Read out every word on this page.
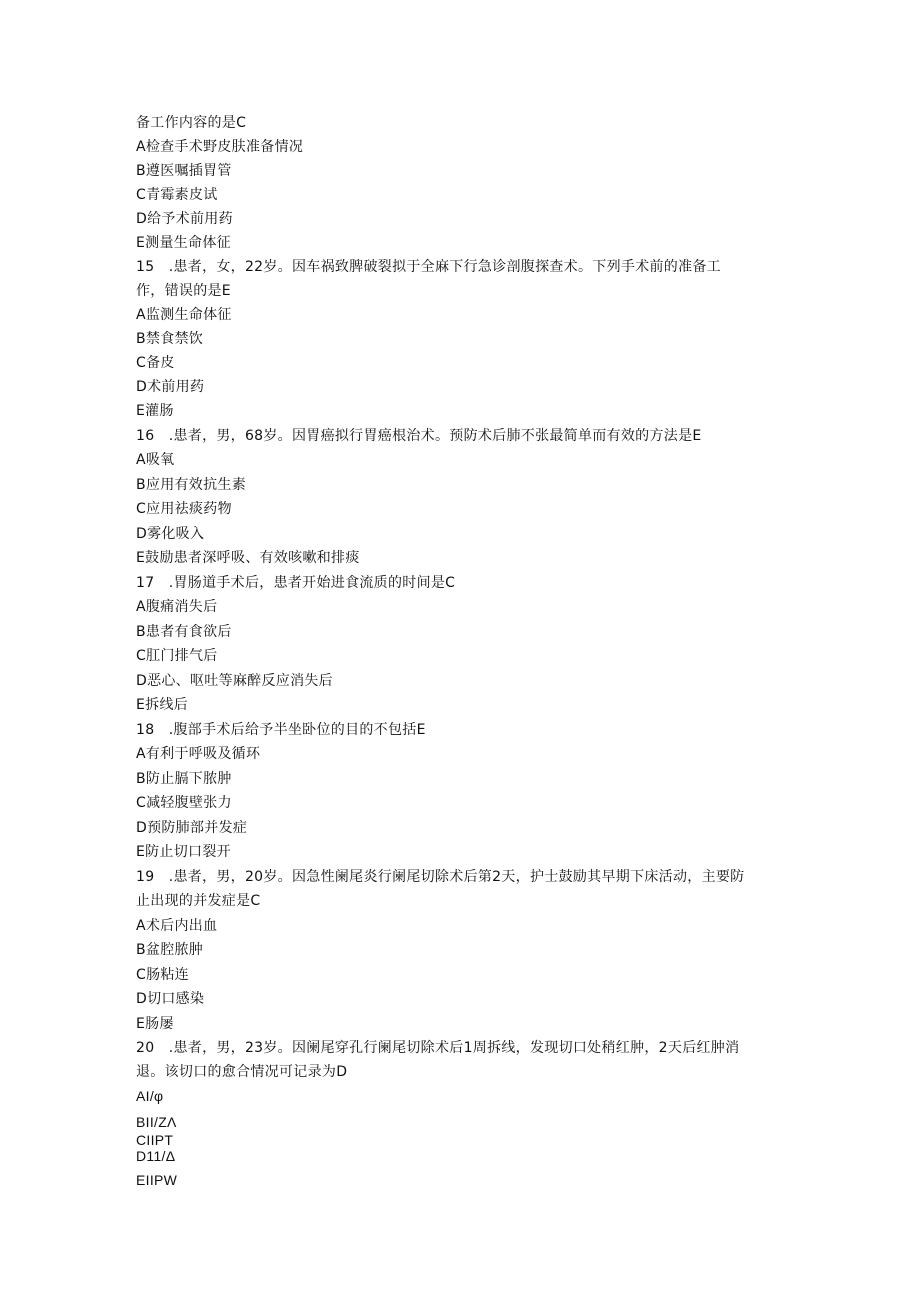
备工作内容的是C
A检查手术野皮肤准备情况
B遵医嘱插胃管
C青霉素皮试
D给予术前用药
E测量生命体征
15　.患者，女，22岁。因车祸致脾破裂拟于全麻下行急诊剖腹探查术。下列手术前的准备工
作，错误的是E
A监测生命体征
B禁食禁饮
C备皮
D术前用药
E灌肠
16　.患者，男，68岁。因胃癌拟行胃癌根治术。预防术后肺不张最简单而有效的方法是E
A吸氧
B应用有效抗生素
C应用祛痰药物
D雾化吸入
E鼓励患者深呼吸、有效咳嗽和排痰
17　.胃肠道手术后，患者开始进食流质的时间是C
A腹痛消失后
B患者有食欲后
C肛门排气后
D恶心、呕吐等麻醉反应消失后
E拆线后
18　.腹部手术后给予半坐卧位的目的不包括E
A有利于呼吸及循环
B防止膈下脓肿
C减轻腹壁张力
D预防肺部并发症
E防止切口裂开
19　.患者，男，20岁。因急性阑尾炎行阑尾切除术后第2天，护士鼓励其早期下床活动，主要防
止出现的并发症是C
A术后内出血
B盆腔脓肿
C肠粘连
D切口感染
E肠屡
20　.患者，男，23岁。因阑尾穿孔行阑尾切除术后1周拆线，发现切口处稍红肿，2天后红肿消
退。该切口的愈合情况可记录为D
AI/φ
BII/ZΛ
CIIPT
D11/Δ
EIIPW
